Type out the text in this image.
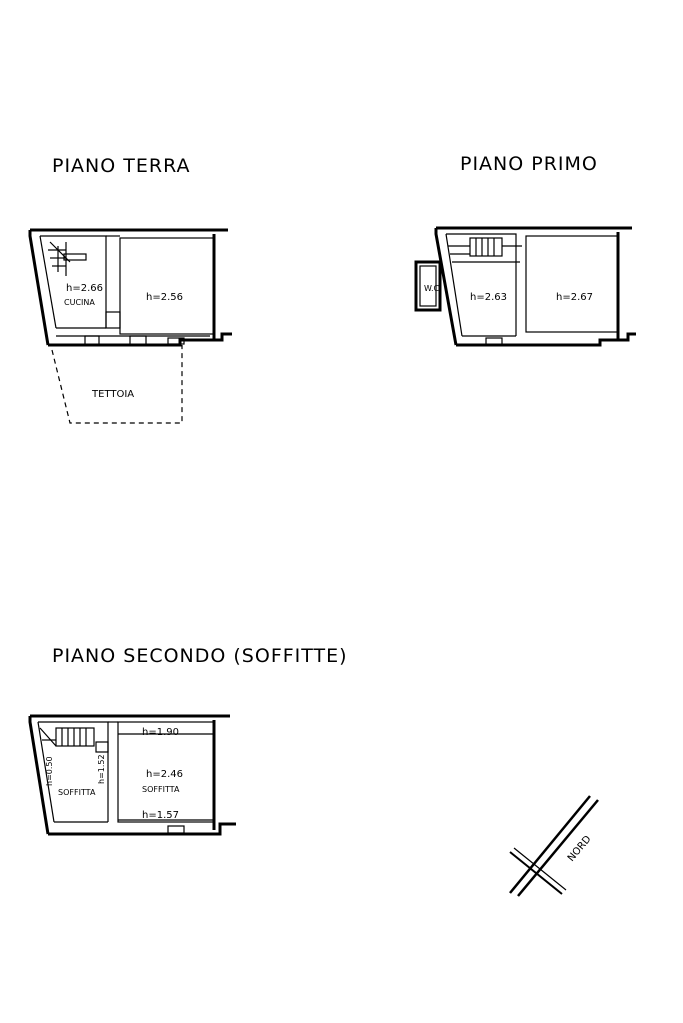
PIANO TERRA
h=2.66
CUCINA	h=2.56
TETTOIA
PIANO PRIMO
W.C
h=2.63	h=2.67
PIANO SECONDO (SOFFITTE)
h=0.50	h=1.52
SOFFITTA
h=1.90
h=2.46
SOFFITTA
h=1.57
NORD
